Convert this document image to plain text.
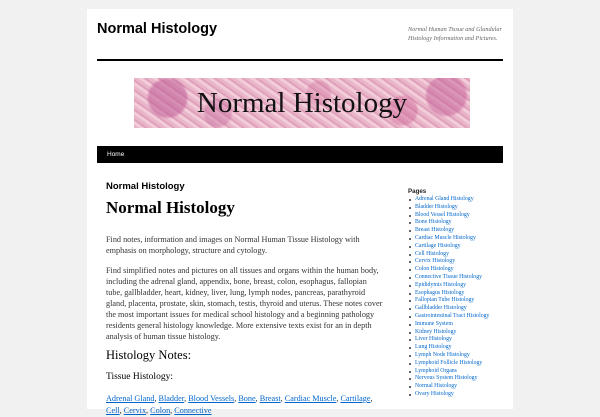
Normal Histology	Normal Human Tissue and Glandular Histology Information and Pictures.
Normal Histology
Home
Normal Histology
Normal Histology

Find notes, information and images on Normal Human Tissue Histology with emphasis on morphology, structure and cytology.

Find simplified notes and pictures on all tissues and organs within the human body, including the adrenal gland, appendix, bone, breast, colon, esophagus, fallopian tube, gallbladder, heart, kidney, liver, lung, lymph nodes, pancreas, parathyroid gland, placenta, prostate, skin, stomach, testis, thyroid and uterus. These notes cover the most important issues for medical school histology and a beginning pathology residents general histology knowledge. More extensive texts exist for an in depth analysis of human tissue histology.

Histology Notes:
Tissue Histology:
Adrenal Gland, Bladder, Blood Vessels, Bone, Breast, Cardiac Muscle, Cartilage, Cell, Cervix, Colon, Connective
Pages
Adrenal Gland Histology
Bladder Histology
Blood Vessel Histology
Bone Histology
Breast Histology
Cardiac Muscle Histology
Cartilage Histology
Cell Histology
Cervix Histology
Colon Histology
Connective Tissue Histology
Epididymis Histology
Esophagus Histology
Fallopian Tube Histology
Gallbladder Histology
Gastrointestinal Tract Histology
Immune System
Kidney Histology
Liver Histology
Lung Histology
Lymph Node Histology
Lymphoid Follicle Histology
Lymphoid Organs
Nervous System Histology
Normal Histology
Ovary Histology
